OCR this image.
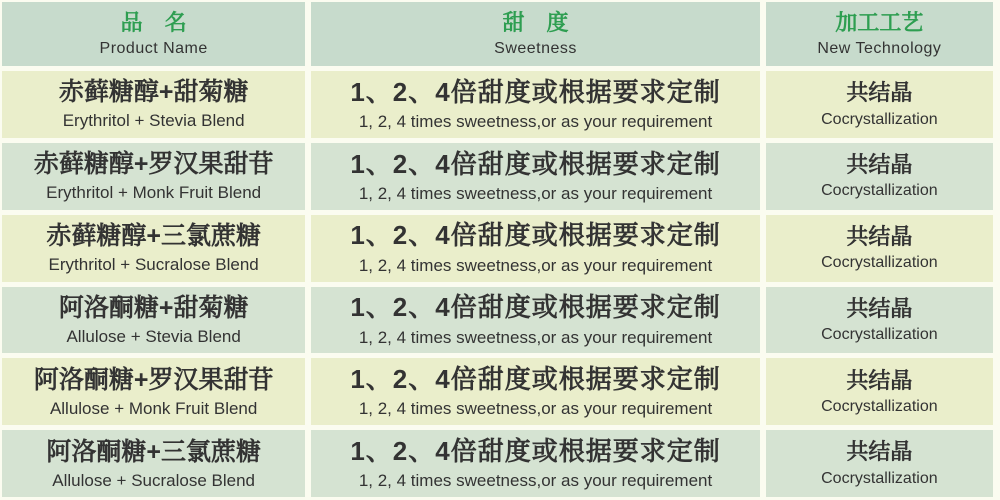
品　名
Product Name
甜　度
Sweetness
加工工艺
New Technology
赤藓糖醇+甜菊糖
Erythritol + Stevia Blend
1、2、4倍甜度或根据要求定制
1, 2, 4 times sweetness,or as your requirement
共结晶
Cocrystallization
赤藓糖醇+罗汉果甜苷
Erythritol + Monk Fruit Blend
1、2、4倍甜度或根据要求定制
1, 2, 4 times sweetness,or as your requirement
共结晶
Cocrystallization
赤藓糖醇+三氯蔗糖
Erythritol + Sucralose Blend
1、2、4倍甜度或根据要求定制
1, 2, 4 times sweetness,or as your requirement
共结晶
Cocrystallization
阿洛酮糖+甜菊糖
Allulose + Stevia Blend
1、2、4倍甜度或根据要求定制
1, 2, 4 times sweetness,or as your requirement
共结晶
Cocrystallization
阿洛酮糖+罗汉果甜苷
Allulose + Monk Fruit Blend
1、2、4倍甜度或根据要求定制
1, 2, 4 times sweetness,or as your requirement
共结晶
Cocrystallization
阿洛酮糖+三氯蔗糖
Allulose + Sucralose Blend
1、2、4倍甜度或根据要求定制
1, 2, 4 times sweetness,or as your requirement
共结晶
Cocrystallization
